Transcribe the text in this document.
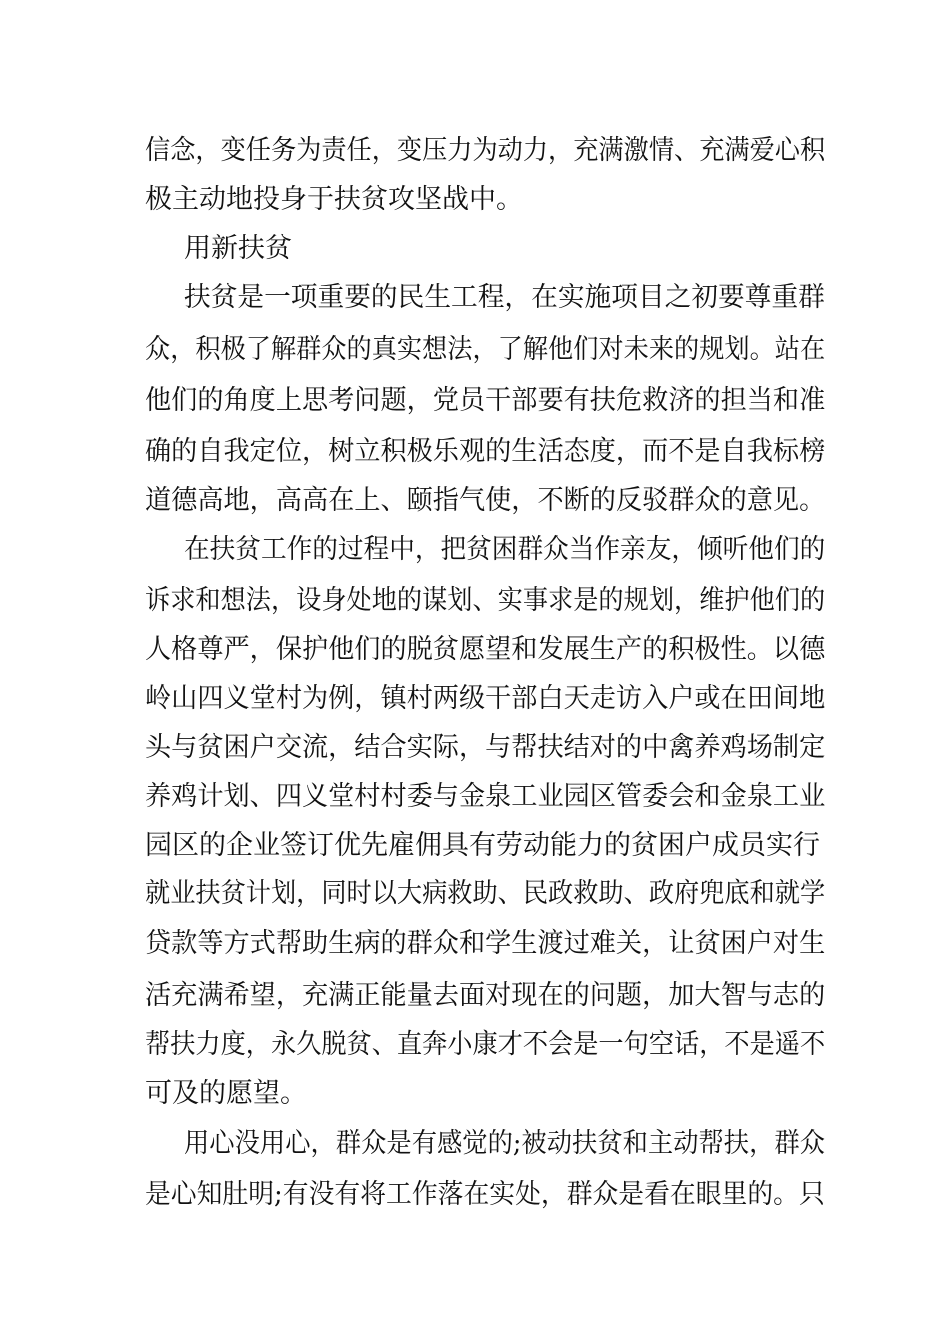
信念，变任务为责任，变压力为动力，充满激情、充满爱心积
极主动地投身于扶贫攻坚战中。
用新扶贫
扶贫是一项重要的民生工程，在实施项目之初要尊重群
众，积极了解群众的真实想法，了解他们对未来的规划。站在
他们的角度上思考问题，党员干部要有扶危救济的担当和准
确的自我定位，树立积极乐观的生活态度，而不是自我标榜
道德高地，高高在上、颐指气使，不断的反驳群众的意见。
在扶贫工作的过程中，把贫困群众当作亲友，倾听他们的
诉求和想法，设身处地的谋划、实事求是的规划，维护他们的
人格尊严，保护他们的脱贫愿望和发展生产的积极性。以德
岭山四义堂村为例，镇村两级干部白天走访入户或在田间地
头与贫困户交流，结合实际，与帮扶结对的中禽养鸡场制定
养鸡计划、四义堂村村委与金泉工业园区管委会和金泉工业
园区的企业签订优先雇佣具有劳动能力的贫困户成员实行
就业扶贫计划，同时以大病救助、民政救助、政府兜底和就学
贷款等方式帮助生病的群众和学生渡过难关，让贫困户对生
活充满希望，充满正能量去面对现在的问题，加大智与志的
帮扶力度，永久脱贫、直奔小康才不会是一句空话，不是遥不
可及的愿望。
用心没用心，群众是有感觉的;被动扶贫和主动帮扶，群众
是心知肚明;有没有将工作落在实处，群众是看在眼里的。只
